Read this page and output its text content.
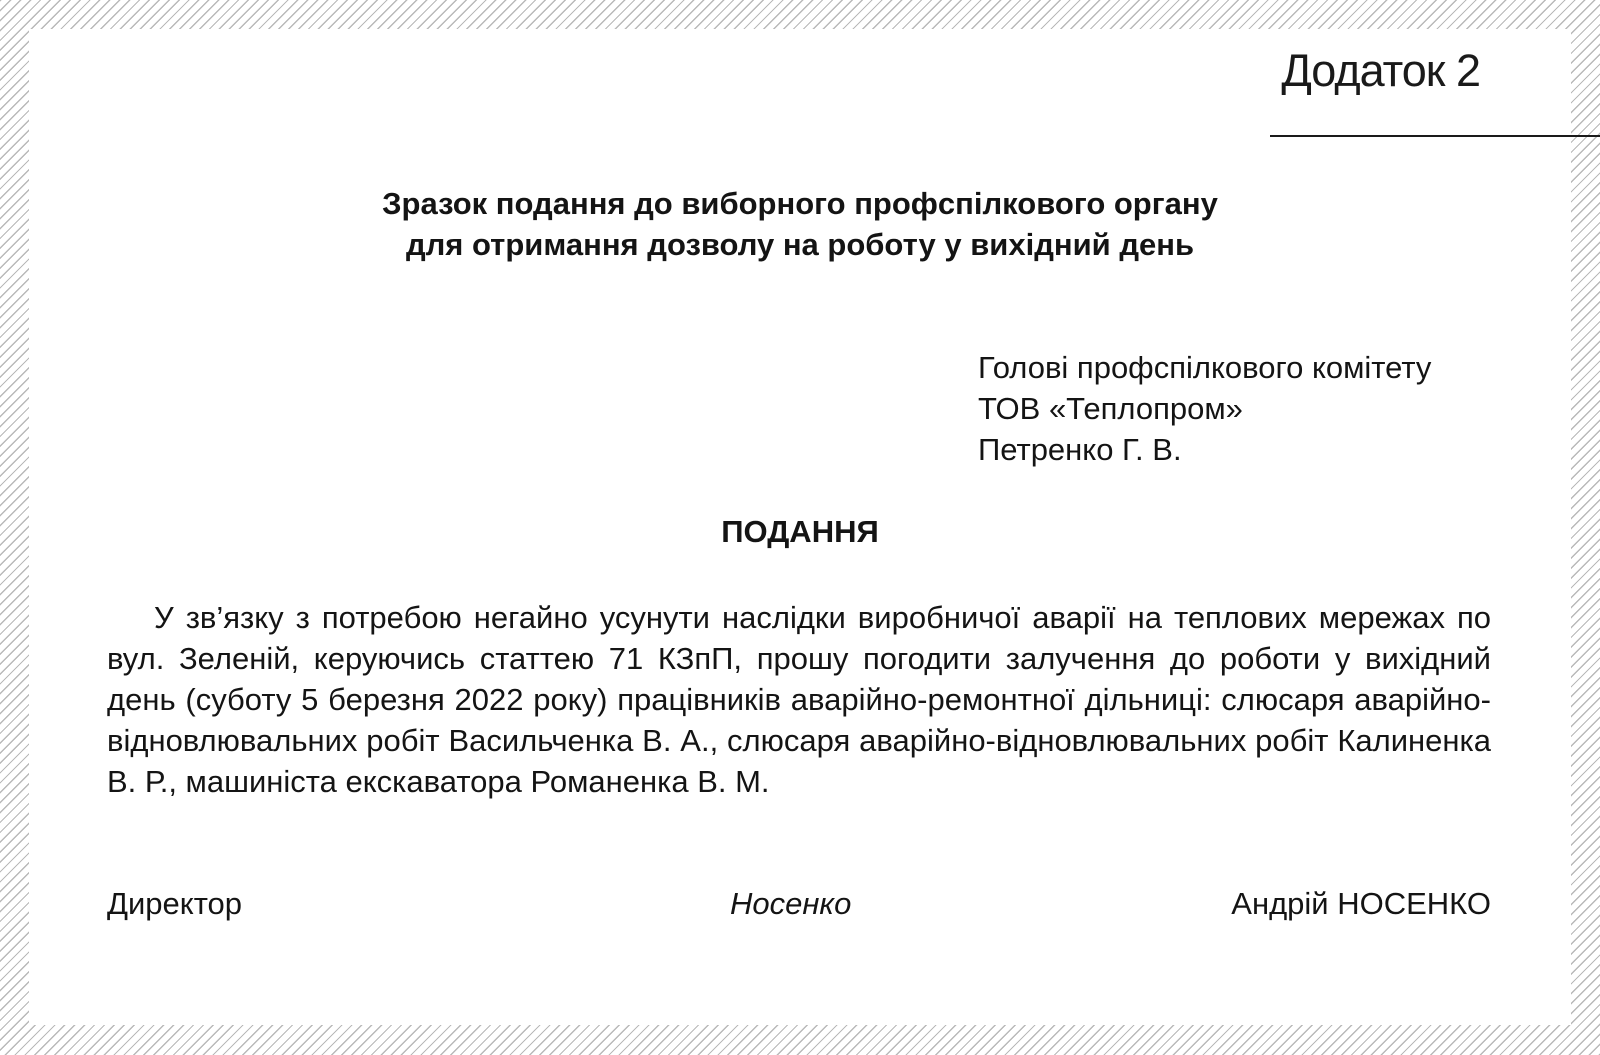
Додаток 2
Зразок подання до виборного профспілкового органу
для отримання дозволу на роботу у вихідний день
Голові профспілкового комітету
ТОВ «Теплопром»
Петренко Г. В.
ПОДАННЯ
У зв’язку з потребою негайно усунути наслідки виробничої аварії на теплових мережах по вул. Зеленій, керуючись статтею 71 КЗпП, прошу погодити залучення до роботи у вихідний день (суботу 5 березня 2022 року) працівників аварійно-ремонтної дільниці: слюсаря аварійно-відновлювальних робіт Васильченка В. А., слюсаря аварійно-відновлювальних робіт Калиненка В. Р., машиніста екскаватора Романенка В. М.
Директор	Носенко	Андрій НОСЕНКО
